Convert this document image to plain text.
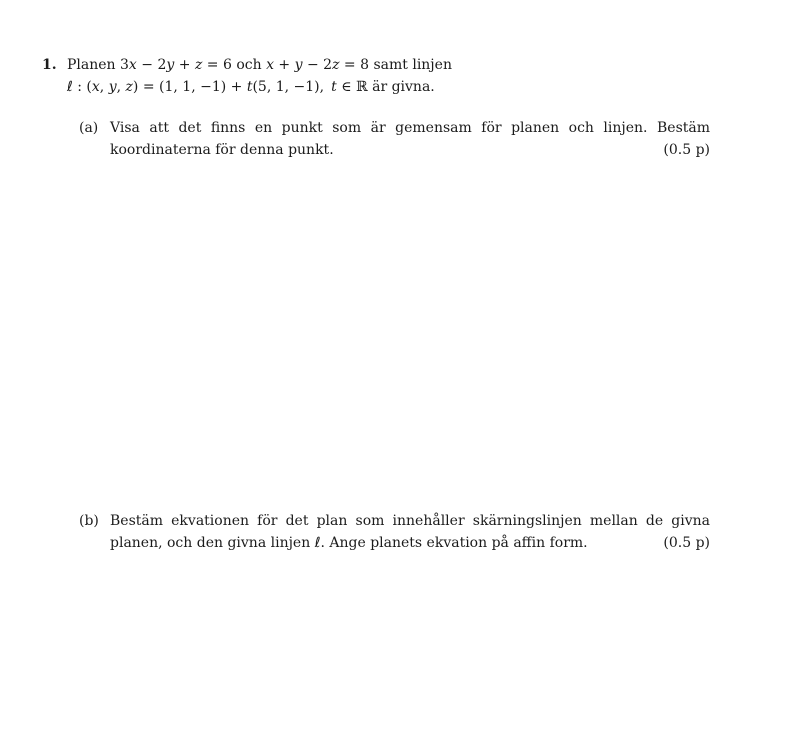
1. Planen 3x − 2y + z = 6 och x + y − 2z = 8 samt linjen
ℓ : (x, y, z) = (1, 1, −1) + t(5, 1, −1),  t ∈ ℝ är givna.
(a) Visa att det finns en punkt som är gemensam för planen och linjen. Bestäm
koordinaterna för denna punkt.	(0.5 p)
(b) Bestäm ekvationen för det plan som innehåller skärningslinjen mellan de givna
planen, och den givna linjen ℓ. Ange planets ekvation på affin form.	(0.5 p)
